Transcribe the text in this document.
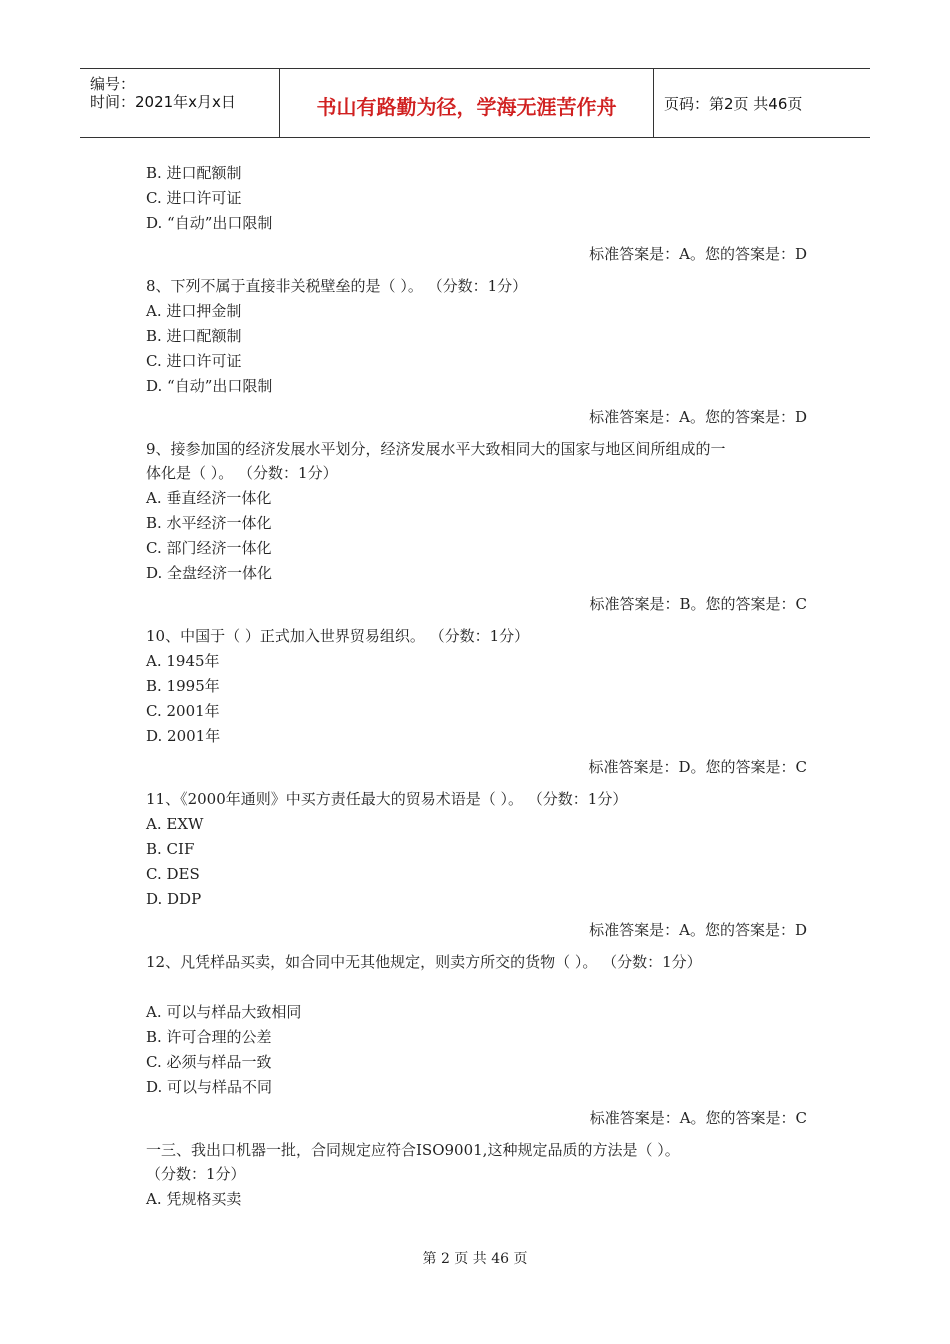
编号：
时间：2021年x月x日	书山有路勤为径，学海无涯苦作舟	页码：第2页 共46页
B. 进口配额制
C. 进口许可证
D. “自动”出口限制
标准答案是：A。您的答案是：D
8、下列不属于直接非关税壁垒的是（ ）。 （分数：1分）
A. 进口押金制
B. 进口配额制
C. 进口许可证
D. “自动”出口限制
标准答案是：A。您的答案是：D
9、接参加国的经济发展水平划分，经济发展水平大致相同大的国家与地区间所组成的一
体化是（ ）。 （分数：1分）
A. 垂直经济一体化
B. 水平经济一体化
C. 部门经济一体化
D. 全盘经济一体化
标准答案是：B。您的答案是：C
10、中国于（ ）正式加入世界贸易组织。 （分数：1分）
A. 1945年
B. 1995年
C. 2001年
D. 2001年
标准答案是：D。您的答案是：C
11、《2000年通则》中买方责任最大的贸易术语是（ ）。 （分数：1分）
A. EXW
B. CIF
C. DES
D. DDP
标准答案是：A。您的答案是：D
12、凡凭样品买卖，如合同中无其他规定，则卖方所交的货物（ ）。 （分数：1分）
A. 可以与样品大致相同
B. 许可合理的公差
C. 必须与样品一致
D. 可以与样品不同
标准答案是：A。您的答案是：C
一三、我出口机器一批，合同规定应符合ISO9001,这种规定品质的方法是（ ）。
（分数：1分）
A. 凭规格买卖
第 2 页 共 46 页
